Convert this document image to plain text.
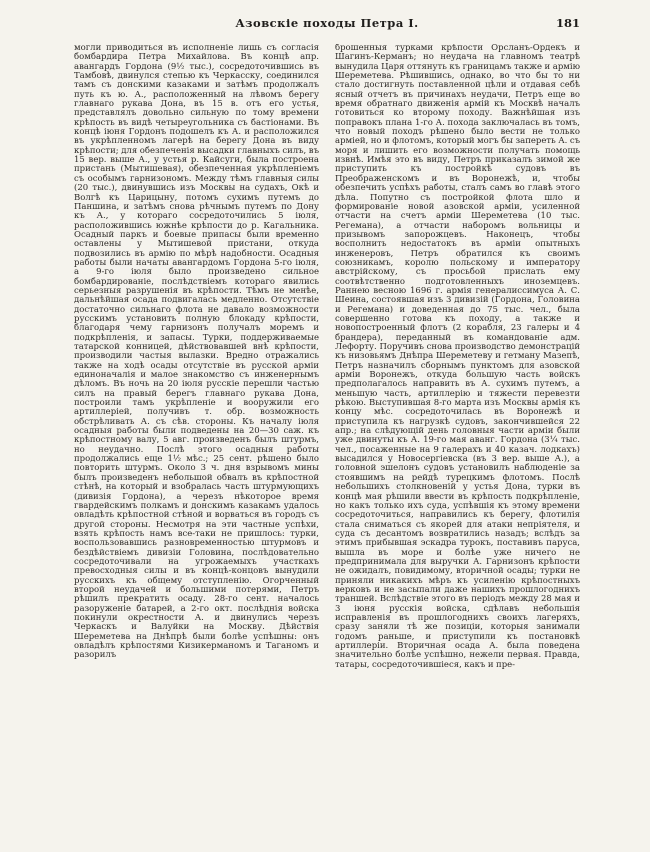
Азовскіе походы Петра I.	181
могли приводиться въ исполненіе лишь съ согласія бомбардира Петра Михайлова. Въ концѣ апр. авангардъ Гордона (9½ тыс.), сосредоточившись въ Тамбовѣ, двинулся степью къ Черкасску, соединился тамъ съ донскими казаками и затѣмъ продолжалъ путь къ ю. А., расположенный на лѣвомъ берегу главнаго рукава Дона, въ 15 в. отъ его устья, представлялъ довольно сильную по тому времени крѣпость въ видѣ четыреугольника съ бастіонами. Въ концѣ іюня Гордонъ подошелъ къ А. и расположился въ укрѣпленномъ лагерѣ на берегу Дона въ виду крѣпости; для обезпеченія высадки главныхъ силъ, въ 15 вер. выше А., у устья р. Кайсуги, была построена пристань (Мытишевая), обезпеченная укрѣпленіемъ съ особымъ гарнизономъ. Между тѣмъ главныя силы (20 тыс.), двинувшись изъ Москвы на судахъ, Окѣ и Волгѣ къ Царицыну, потомъ сухимъ путемъ до Паншина, и затѣмъ снова рѣчнымъ путемъ по Дону къ А., у котораго сосредоточились 5 іюля, расположившись южнѣе крѣпости до р. Кагальника. Осадный паркъ и боевые припасы были временно оставлены у Мытишевой пристани, откуда подвозились въ армію по мѣрѣ надобности. Осадныя работы были начаты авангардомъ Гордона 5-го іюля, а 9-го іюля было произведено сильное бомбардированіе, послѣдствіемъ котораго явились серьезныя разрушенія въ крѣпости. Тѣмъ не менѣе, дальнѣйшая осада подвигалась медленно. Отсутствіе достаточно сильнаго флота не давало возможности русскимъ установить полную блокаду крѣпости, благодаря чему гарнизонъ получалъ моремъ и подкрѣпленія, и запасы. Турки, поддерживаемые татарской конницей, дѣйствовавшей внѣ крѣпости, производили частыя вылазки. Вредно отражались также на ходѣ осады отсутствіе въ русской арміи единоначалія и малое знакомство съ инженернымъ дѣломъ. Въ ночь на 20 іюля русскіе перешли частью силъ на правый берегъ главнаго рукава Дона, построили тамъ укрѣпленіе и вооружили его артиллеріей, получивъ т. обр. возможность обстрѣливать А. съ сѣв. стороны. Къ началу іюля осадныя работы были подведены на 20—30 саж. къ крѣпостному валу, 5 авг. произведенъ былъ штурмъ, но неудачно. Послѣ этого осадныя работы продолжались еще 1½ мѣс.; 25 сент. рѣшено было повторить штурмъ. Около 3 ч. дня взрывомъ мины былъ произведенъ небольшой обвалъ въ крѣпостной стѣнѣ, на который и взобралась часть штурмующихъ (дивизія Гордона), а черезъ нѣкоторое время гвардейскимъ полкамъ и донскимъ казакамъ удалось овладѣть крѣпостной стѣной и ворваться въ городъ съ другой стороны. Несмотря на эти частные успѣхи, взять крѣпость намъ все-таки не пришлось: турки, воспользовавшись разновременностью штурмовъ и бездѣйствіемъ дивизіи Головина, послѣдовательно сосредоточивали на угрожаемыхъ участкахъ превосходныя силы и въ концѣ-концовъ вынудили русскихъ къ общему отступленію. Огорченный второй неудачей и большими потерями, Петръ рѣшилъ прекратить осаду. 28-го сент. началось разоруженіе батарей, а 2-го окт. послѣднія войска покинули окрестности А. и двинулись черезъ Черкаскъ и Валуйки на Москву. Дѣйствія Шереметева на Днѣпрѣ были болѣе успѣшны: онъ овладѣлъ крѣпостями Кизикерманомъ и Таганомъ и разорилъ
брошенныя турками крѣпости Орсланъ-Ордекъ и Шагинъ-Керманъ; но неудача на главномъ театрѣ вынудила Царя оттянуть къ границамъ также и армію Шереметева. Рѣшившись, однако, во что бы то ни стало достигнуть поставленной цѣли и отдавая себѣ ясный отчетъ въ причинахъ неудачи, Петръ еще во время обратнаго движенія армій къ Москвѣ началъ готовиться ко второму походу. Важнѣйшая изъ поправокъ плана 1-го А. похода заключалась въ томъ, что новый походъ рѣшено было вести не только арміей, но и флотомъ, который могъ бы запереть А. съ моря и лишить его возможности получать помощь извнѣ. Имѣя это въ виду, Петръ приказалъ зимой же приступить къ постройкѣ судовъ въ Преображенскомъ и въ Воронежѣ, и, чтобы обезпечить успѣхъ работы, сталъ самъ во главѣ этого дѣла. Попутно съ постройкой флота шло и формированіе новой азовской арміи, усиленной отчасти на счетъ арміи Шереметева (10 тыс. Регемана), а отчасти наборомъ вольницы и призывомъ запорожцевъ. Наконецъ, чтобы восполнить недостатокъ въ арміи опытныхъ инженеровъ, Петръ обратился къ своимъ союзникамъ, королю польскому и императору австрійскому, съ просьбой прислать ему соотвѣтственно подготовленныхъ иноземцевъ. Раннею весною 1696 г. армія генералиссимуса А. С. Шеина, состоявшая изъ 3 дивизій (Гордона, Головина и Регемана) и доведенная до 75 тыс. чел., была совершенно готова къ походу, а также и новопостроенный флотъ (2 корабля, 23 галеры и 4 брандера), переданный въ командованіе адм. Лефорту. Поручивъ снова производство демонстрацій къ низовьямъ Днѣпра Шереметеву и гетману Мазепѣ, Петръ назначилъ сборнымъ пунктомъ для азовской арміи Воронежъ, откуда большую часть войскъ предполагалось направить въ А. сухимъ путемъ, а меньшую часть, артиллерію и тяжести перевезти рѣкою. Выступившая 8-го марта изъ Москвы армія къ концу мѣс. сосредоточилась въ Воронежѣ и приступила къ нагрузкѣ судовъ, закончившейся 22 апр.; на слѣдующій день головныя части арміи были уже двинуты къ А. 19-го мая аванг. Гордона (3¼ тыс. чел., посаженные на 9 галерахъ и 40 казач. лодкахъ) высадился у Новосергіевска (въ 3 вер. выше А.), а головной эшелонъ судовъ установилъ наблюденіе за стоявшимъ на рейдѣ турецкимъ флотомъ. Послѣ небольшихъ столкновеній у устья Дона, турки въ концѣ мая рѣшили ввести въ крѣпость подкрѣпленіе, но какъ только ихъ суда, успѣвшія къ этому времени сосредоточиться, направились къ берегу, флотилія стала сниматься съ якорей для атаки непріятеля, и суда съ десантомъ возвратились назадъ; вслѣдъ за этимъ прибывшая эскадра турокъ, поставивъ паруса, вышла въ море и болѣе уже ничего не предпринимала для выручки А. Гарнизонъ крѣпости не ожидалъ, повидимому, вторичной осады; турки не приняли никакихъ мѣръ къ усиленію крѣпостныхъ верковъ и не засыпали даже нашихъ прошлогоднихъ траншей. Вслѣдствіе этого въ періодъ между 28 мая и 3 іюня русскія войска, сдѣлавъ небольшія исправленія въ прошлогоднихъ своихъ лагеряхъ, сразу заняли тѣ же позиціи, которыя занимали годомъ раньше, и приступили къ постановкѣ артиллеріи. Вторичная осада А. была поведена значительно болѣе успѣшно, нежели первая. Правда, татары, сосредоточившіеся, какъ и пре-
